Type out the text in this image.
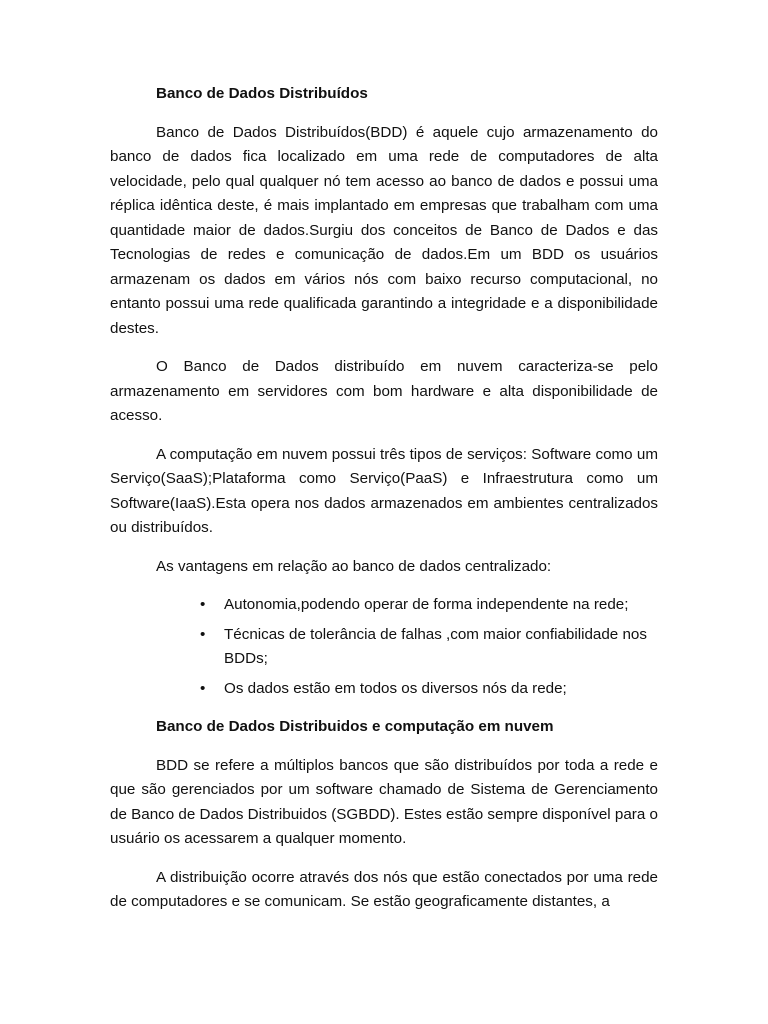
Banco de Dados Distribuídos

Banco de Dados Distribuídos(BDD) é aquele cujo armazenamento do banco de dados fica localizado em uma rede de computadores de alta velocidade, pelo qual qualquer nó tem acesso ao banco de dados e possui uma réplica idêntica deste, é mais implantado em empresas que trabalham com uma quantidade maior de dados.Surgiu dos conceitos de Banco de Dados e das Tecnologias de redes e comunicação de dados.Em um BDD os usuários armazenam os dados em vários nós com baixo recurso computacional, no entanto possui uma rede qualificada garantindo a integridade e a disponibilidade destes.

O Banco de Dados distribuído em nuvem caracteriza-se pelo armazenamento em servidores com bom hardware e alta disponibilidade de acesso.

A computação em nuvem possui três tipos de serviços: Software como um Serviço(SaaS);Plataforma como Serviço(PaaS) e Infraestrutura como um Software(IaaS).Esta opera nos dados armazenados em ambientes centralizados ou distribuídos.

As vantagens em relação ao banco de dados centralizado:

• Autonomia,podendo operar de forma independente na rede;
• Técnicas de tolerância de falhas ,com maior confiabilidade nos BDDs;
• Os dados estão em todos os diversos nós da rede;

Banco de Dados Distribuidos e computação em nuvem

BDD se refere a múltiplos bancos que são distribuídos por toda a rede e que são gerenciados por um software chamado de Sistema de Gerenciamento de Banco de Dados Distribuidos (SGBDD). Estes estão sempre disponível para o usuário os acessarem a qualquer momento.

A distribuição ocorre através dos nós que estão conectados por uma rede de computadores e se comunicam. Se estão geograficamente distantes, a
